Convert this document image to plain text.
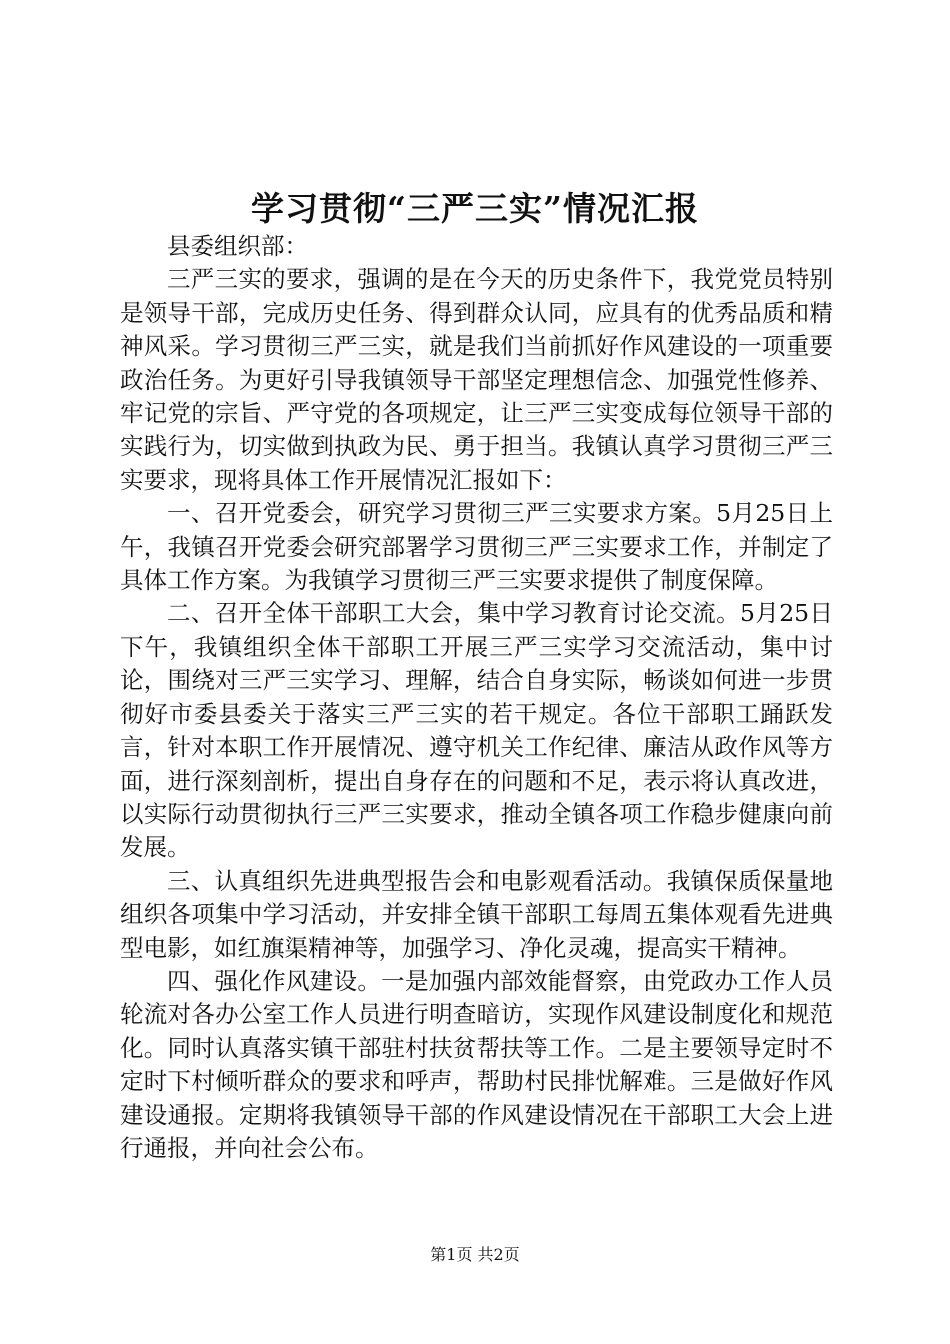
学习贯彻“三严三实”情况汇报

县委组织部：

三严三实的要求，强调的是在今天的历史条件下，我党党员特别是领导干部，完成历史任务、得到群众认同，应具有的优秀品质和精神风采。学习贯彻三严三实，就是我们当前抓好作风建设的一项重要政治任务。为更好引导我镇领导干部坚定理想信念、加强党性修养、牢记党的宗旨、严守党的各项规定，让三严三实变成每位领导干部的实践行为，切实做到执政为民、勇于担当。我镇认真学习贯彻三严三实要求，现将具体工作开展情况汇报如下：

一、召开党委会，研究学习贯彻三严三实要求方案。5月25日上午，我镇召开党委会研究部署学习贯彻三严三实要求工作，并制定了具体工作方案。为我镇学习贯彻三严三实要求提供了制度保障。

二、召开全体干部职工大会，集中学习教育讨论交流。5月25日下午，我镇组织全体干部职工开展三严三实学习交流活动，集中讨论，围绕对三严三实学习、理解，结合自身实际，畅谈如何进一步贯彻好市委县委关于落实三严三实的若干规定。各位干部职工踊跃发言，针对本职工作开展情况、遵守机关工作纪律、廉洁从政作风等方面，进行深刻剖析，提出自身存在的问题和不足，表示将认真改进，以实际行动贯彻执行三严三实要求，推动全镇各项工作稳步健康向前发展。

三、认真组织先进典型报告会和电影观看活动。我镇保质保量地组织各项集中学习活动，并安排全镇干部职工每周五集体观看先进典型电影，如红旗渠精神等，加强学习、净化灵魂，提高实干精神。

四、强化作风建设。一是加强内部效能督察，由党政办工作人员轮流对各办公室工作人员进行明查暗访，实现作风建设制度化和规范化。同时认真落实镇干部驻村扶贫帮扶等工作。二是主要领导定时不定时下村倾听群众的要求和呼声，帮助村民排忧解难。三是做好作风建设通报。定期将我镇领导干部的作风建设情况在干部职工大会上进行通报，并向社会公布。

第1页 共2页
